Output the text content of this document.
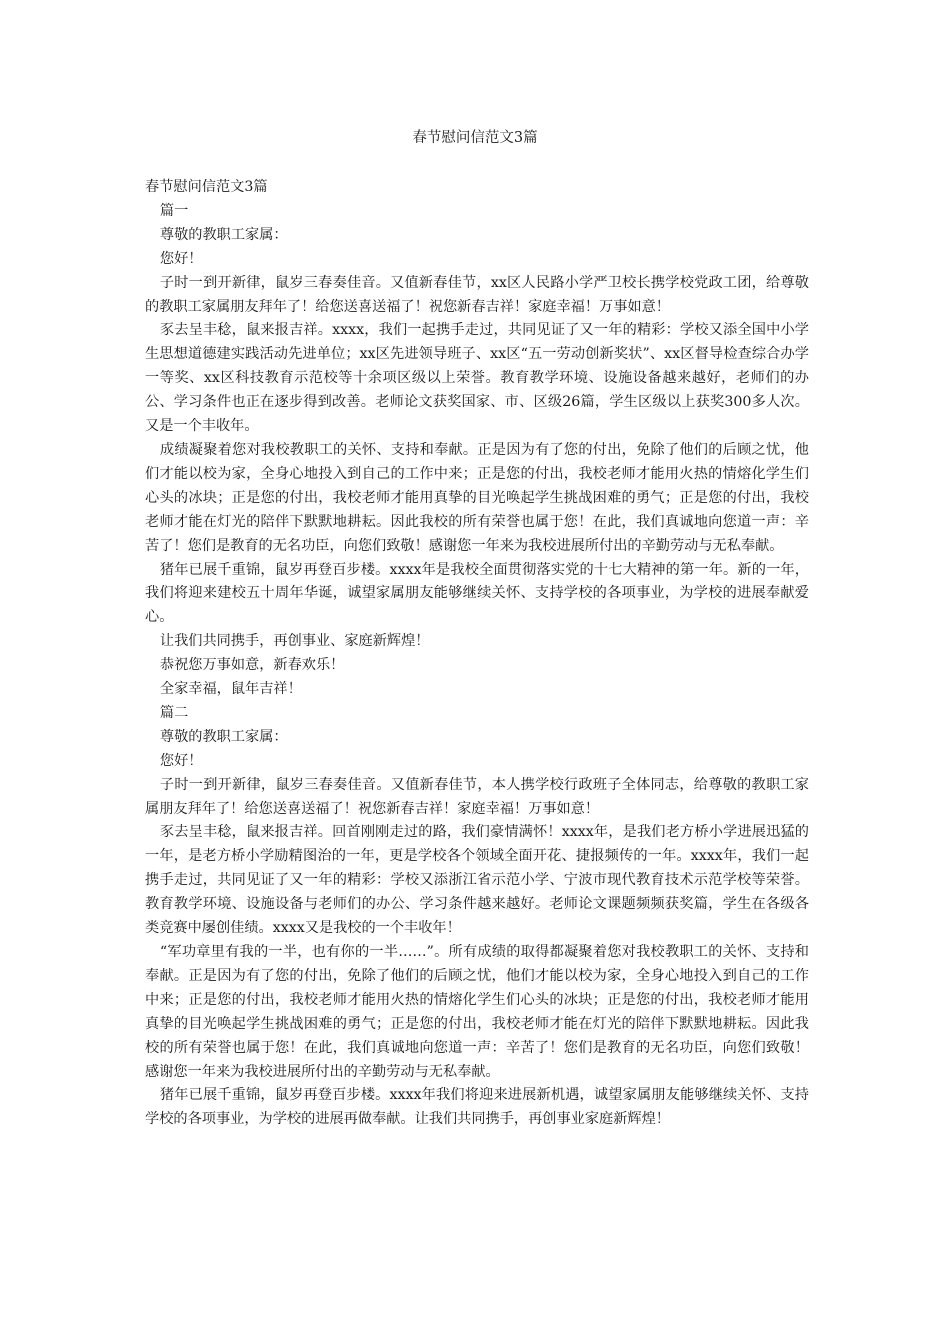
春节慰问信范文3篇

春节慰问信范文3篇

篇一

尊敬的教职工家属：

您好！

子时一到开新律，鼠岁三春奏佳音。又值新春佳节，xx区人民路小学严卫校长携学校党政工团，给尊敬的教职工家属朋友拜年了！给您送喜送福了！祝您新春吉祥！家庭幸福！万事如意！

豕去呈丰稔，鼠来报吉祥。xxxx，我们一起携手走过，共同见证了又一年的精彩：学校又添全国中小学生思想道德建实践活动先进单位；xx区先进领导班子、xx区“五一劳动创新奖状”、xx区督导检查综合办学一等奖、xx区科技教育示范校等十余项区级以上荣誉。教育教学环境、设施设备越来越好，老师们的办公、学习条件也正在逐步得到改善。老师论文获奖国家、市、区级26篇，学生区级以上获奖300多人次。又是一个丰收年。

成绩凝聚着您对我校教职工的关怀、支持和奉献。正是因为有了您的付出，免除了他们的后顾之忧，他们才能以校为家，全身心地投入到自己的工作中来；正是您的付出，我校老师才能用火热的情熔化学生们心头的冰块；正是您的付出，我校老师才能用真挚的目光唤起学生挑战困难的勇气；正是您的付出，我校老师才能在灯光的陪伴下默默地耕耘。因此我校的所有荣誉也属于您！在此，我们真诚地向您道一声：辛苦了！您们是教育的无名功臣，向您们致敬！感谢您一年来为我校进展所付出的辛勤劳动与无私奉献。

猪年已展千重锦，鼠岁再登百步楼。xxxx年是我校全面贯彻落实党的十七大精神的第一年。新的一年，我们将迎来建校五十周年华诞，诚望家属朋友能够继续关怀、支持学校的各项事业，为学校的进展奉献爱心。

让我们共同携手，再创事业、家庭新辉煌！

恭祝您万事如意，新春欢乐！

全家幸福，鼠年吉祥！

篇二

尊敬的教职工家属：

您好！

子时一到开新律，鼠岁三春奏佳音。又值新春佳节，本人携学校行政班子全体同志，给尊敬的教职工家属朋友拜年了！给您送喜送福了！祝您新春吉祥！家庭幸福！万事如意！

豕去呈丰稔，鼠来报吉祥。回首刚刚走过的路，我们豪情满怀！xxxx年，是我们老方桥小学进展迅猛的一年，是老方桥小学励精图治的一年，更是学校各个领域全面开花、捷报频传的一年。xxxx年，我们一起携手走过，共同见证了又一年的精彩：学校又添浙江省示范小学、宁波市现代教育技术示范学校等荣誉。教育教学环境、设施设备与老师们的办公、学习条件越来越好。老师论文课题频频获奖篇，学生在各级各类竞赛中屡创佳绩。xxxx又是我校的一个丰收年！

“军功章里有我的一半，也有你的一半……”。所有成绩的取得都凝聚着您对我校教职工的关怀、支持和奉献。正是因为有了您的付出，免除了他们的后顾之忧，他们才能以校为家，全身心地投入到自己的工作中来；正是您的付出，我校老师才能用火热的情熔化学生们心头的冰块；正是您的付出，我校老师才能用真挚的目光唤起学生挑战困难的勇气；正是您的付出，我校老师才能在灯光的陪伴下默默地耕耘。因此我校的所有荣誉也属于您！在此，我们真诚地向您道一声：辛苦了！您们是教育的无名功臣，向您们致敬！感谢您一年来为我校进展所付出的辛勤劳动与无私奉献。

猪年已展千重锦，鼠岁再登百步楼。xxxx年我们将迎来进展新机遇，诚望家属朋友能够继续关怀、支持学校的各项事业，为学校的进展再做奉献。让我们共同携手，再创事业家庭新辉煌！
